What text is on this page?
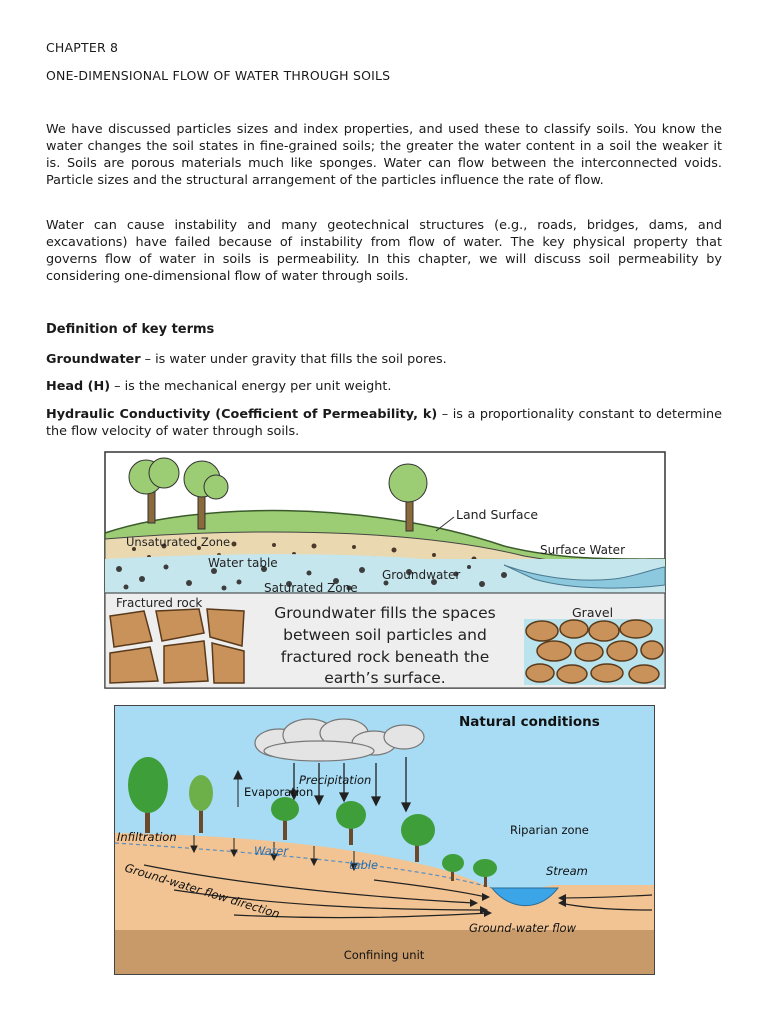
CHAPTER 8
ONE-DIMENSIONAL FLOW OF WATER THROUGH SOILS

We have discussed particles sizes and index properties, and used these to classify soils. You know the water changes the soil states in fine-grained soils; the greater the water content in a soil the weaker it is. Soils are porous materials much like sponges. Water can flow between the interconnected voids. Particle sizes and the structural arrangement of the particles influence the rate of flow.

Water can cause instability and many geotechnical structures (e.g., roads, bridges, dams, and excavations) have failed because of instability from flow of water. The key physical property that governs flow of water in soils is permeability. In this chapter, we will discuss soil permeability by considering one-dimensional flow of water through soils.

Definition of key terms

Groundwater – is water under gravity that fills the soil pores.

Head (H) – is the mechanical energy per unit weight.

Hydraulic Conductivity (Coefficient of Permeability, k) – is a proportionality constant to determine the flow velocity of water through soils.

Land Surface
Unsaturated Zone
Surface Water
Water table
Groundwater
Saturated Zone
Fractured rock
Gravel
Groundwater fills the spaces
between soil particles and
fractured rock beneath the
earth’s surface.
Natural conditions
Precipitation
Evaporation
Infiltration
Water
table
Riparian zone
Stream
Ground-water flow direction
Ground-water flow
Confining unit
